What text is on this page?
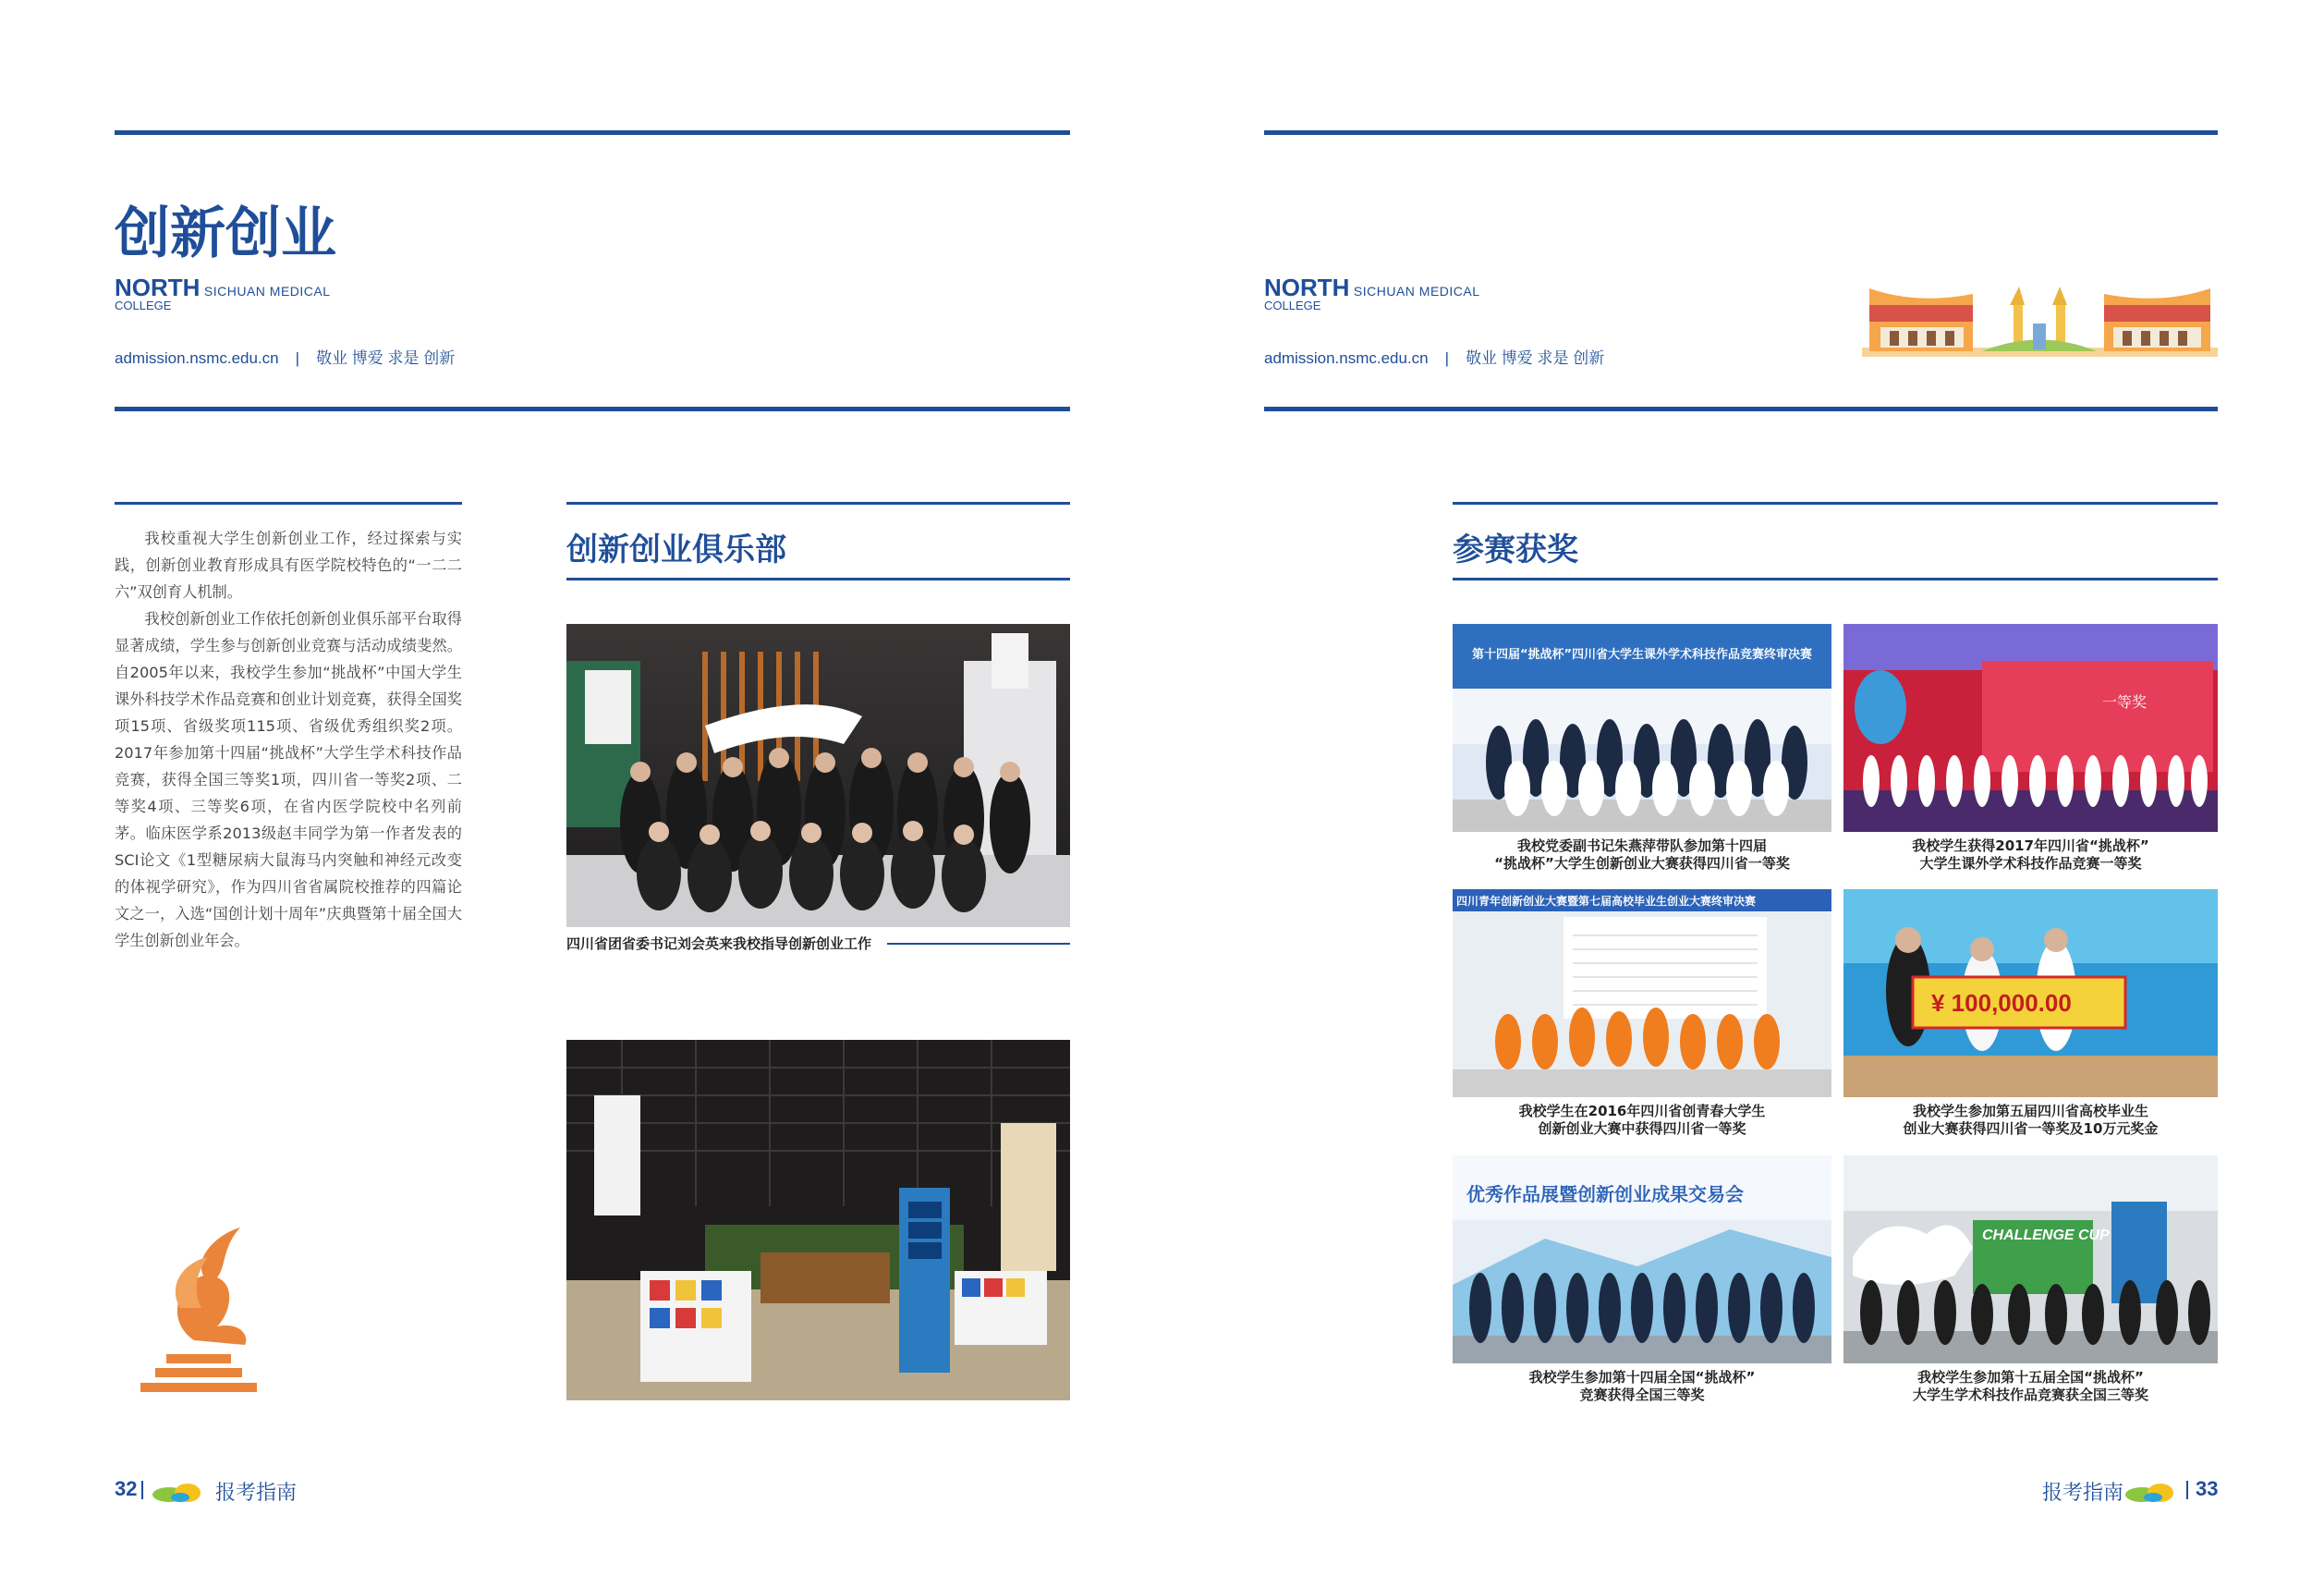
创新创业
NORTH SICHUAN MEDICAL
COLLEGE
admission.nsmc.edu.cn | 敬业 博爱 求是 创新

我校重视大学生创新创业工作，经过探索与实践，创新创业教育形成具有医学院校特色的“一二二六”双创育人机制。

我校创新创业工作依托创新创业俱乐部平台取得显著成绩，学生参与创新创业竞赛与活动成绩斐然。自2005年以来，我校学生参加“挑战杯”中国大学生课外科技学术作品竞赛和创业计划竞赛，获得全国奖项15项、省级奖项115项、省级优秀组织奖2项。2017年参加第十四届“挑战杯”大学生学术科技作品竞赛，获得全国三等奖1项，四川省一等奖2项、二等奖4项、三等奖6项，在省内医学院校中名列前茅。临床医学系2013级赵丰同学为第一作者发表的SCI论文《1型糖尿病大鼠海马内突触和神经元改变的体视学研究》，作为四川省省属院校推荐的四篇论文之一，入选“国创计划十周年”庆典暨第十届全国大学生创新创业年会。

创新创业俱乐部
四川省团省委书记刘会英来我校指导创新创业工作
32	报考指南
NORTH SICHUAN MEDICAL
COLLEGE
admission.nsmc.edu.cn | 敬业 博爱 求是 创新
参赛获奖
第十四届“挑战杯”四川省大学生课外学术科技作品竞赛终审决赛
我校党委副书记朱燕萍带队参加第十四届
“挑战杯”大学生创新创业大赛获得四川省一等奖
一等奖
我校学生获得2017年四川省“挑战杯”
大学生课外学术科技作品竞赛一等奖
四川青年创新创业大赛暨第七届高校毕业生创业大赛终审决赛
我校学生在2016年四川省创青春大学生
创新创业大赛中获得四川省一等奖
¥ 100,000.00
我校学生参加第五届四川省高校毕业生
创业大赛获得四川省一等奖及10万元奖金
优秀作品展暨创新创业成果交易会
我校学生参加第十四届全国“挑战杯”
竞赛获得全国三等奖
CHALLENGE CUP
我校学生参加第十五届全国“挑战杯”
大学生学术科技作品竞赛获全国三等奖
报考指南	33
